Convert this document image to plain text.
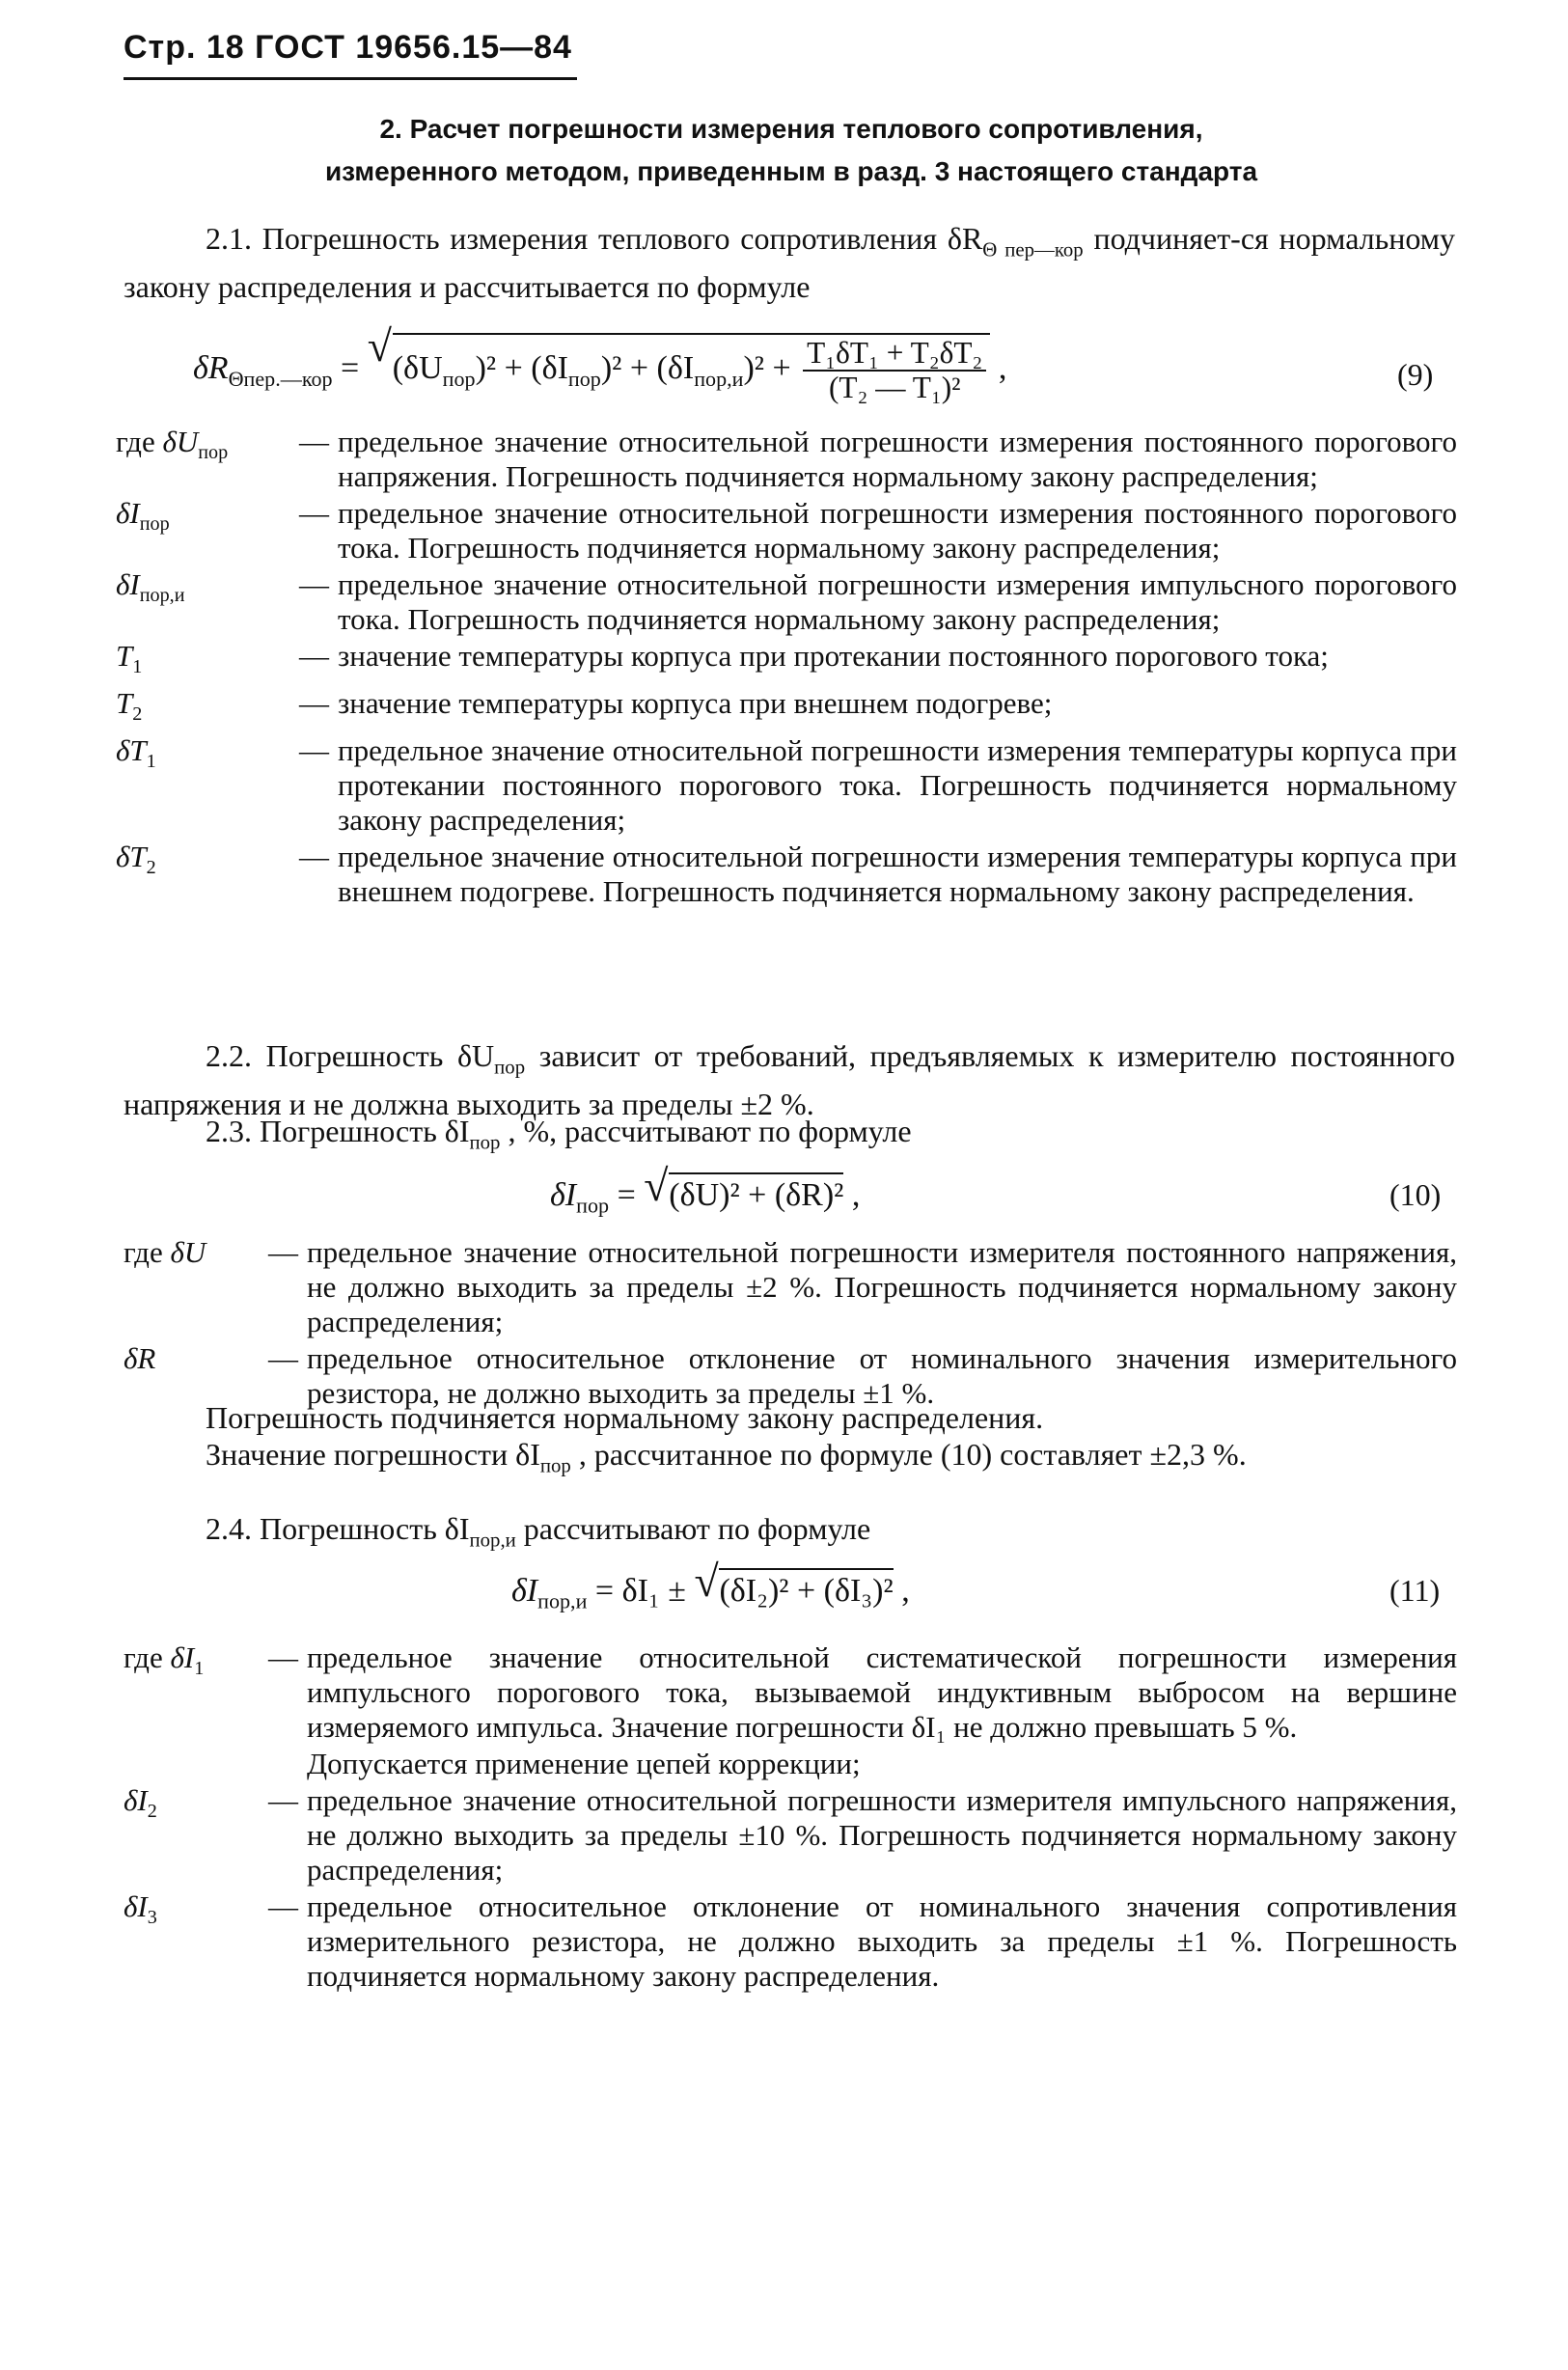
Стр. 18 ГОСТ 19656.15—84
2. Расчет погрешности измерения теплового сопротивления,
измеренного методом, приведенным в разд. 3 настоящего стандарта
2.1. Погрешность измерения теплового сопротивления $\delta R_{\Theta пер—кор}$ подчиняет-ся нормальному закону распределения и рассчитывается по формуле
$\delta R_{\Theta пер.—кор}$ = √ $(\delta U_{пор})^2 + (\delta I_{пор})^2 + (\delta I_{пор,и})^2 + \frac{\text{T₁δT₁ + T₂δT₂}}{\text{(T₂ — T₁)²}}$ ,	(9)
где $\delta U_{пор}$	— предельное значение относительной погрешности измерения постоянного порогового напряжения. Погрешность подчиняется нормальному закону распределения;
$\delta I_{пор}$	— предельное значение относительной погрешности измерения постоянного порогового тока. Погрешность подчиняется нормальному закону распределения;
$\delta I_{пор,и}$	— предельное значение относительной погрешности измерения импульсного порогового тока. Погрешность подчиняется нормальному закону распределения;
$T_1$	— значение температуры корпуса при протекании постоянного порогового тока;
$T_2$	— значение температуры корпуса при внешнем подогреве;
$\delta T_1$	— предельное значение относительной погрешности измерения температуры корпуса при протекании постоянного порогового тока. Погрешность подчиняется нормальному закону распределения;
$\delta T_2$	— предельное значение относительной погрешности измерения температуры корпуса при внешнем подогреве. Погрешность подчиняется нормальному закону распределения.
2.2. Погрешность $\delta U_{пор}$ зависит от требований, предъявляемых к измерителю постоянного напряжения и не должна выходить за пределы ±2 %.
2.3. Погрешность $\delta I_{пор}$ , %, рассчитывают по формуле
$\delta I_{пор}$ = √ (δU)² + (δR)² ,	(10)
где δU	— предельное значение относительной погрешности измерителя постоянного напряжения, не должно выходить за пределы ±2 %. Погрешность подчиняется нормальному закону распределения;
δR	— предельное относительное отклонение от номинального значения измерительного резистора, не должно выходить за пределы ±1 %.
Погрешность подчиняется нормальному закону распределения.
Значение погрешности $\delta I_{пор}$ , рассчитанное по формуле (10) составляет ±2,3 %.
2.4. Погрешность $\delta I_{пор,и}$ рассчитывают по формуле
$\delta I_{пор,и} = \delta I_1$ ± √ (δI₂)² + (δI₃)² ,	(11)
где $\delta I_1$	— предельное значение относительной систематической погрешности измерения импульсного порогового тока, вызываемой индуктивным выбросом на вершине измеряемого импульса. Значение погрешности δI₁ не должно превышать 5 %.
Допускается применение цепей коррекции;
$\delta I_2$	— предельное значение относительной погрешности измерителя импульсного напряжения, не должно выходить за пределы ±10 %. Погрешность подчиняется нормальному закону распределения;
$\delta I_3$	— предельное относительное отклонение от номинального значения сопротивления измерительного резистора, не должно выходить за пределы ±1 %. Погрешность подчиняется нормальному закону распределения.
